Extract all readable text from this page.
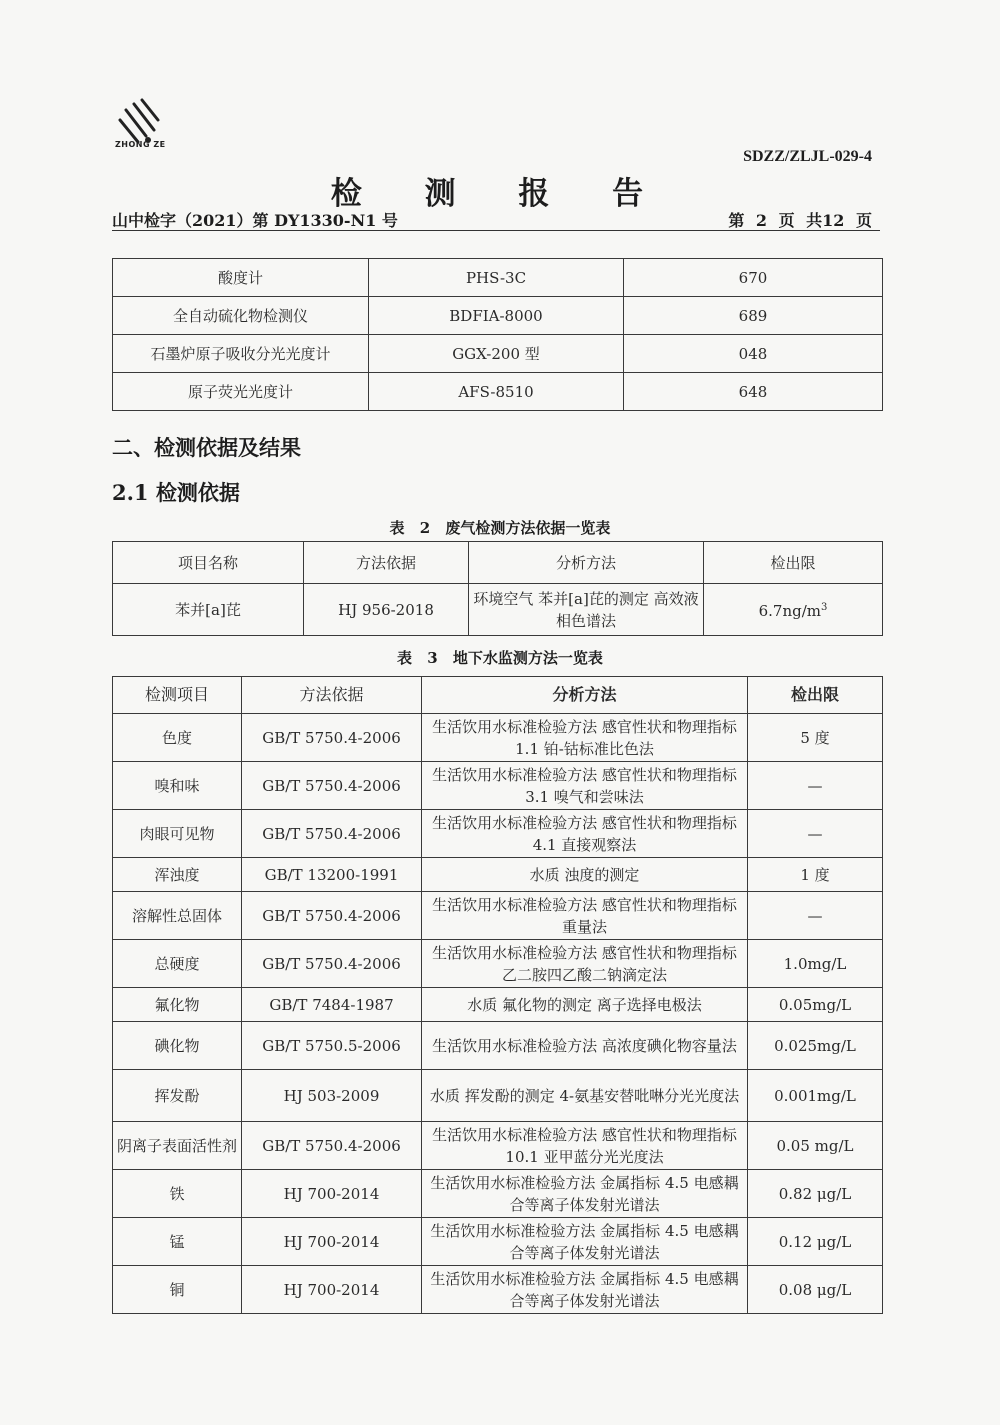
ZHONG ZE
SDZZ/ZLJL-029-4
检 测 报 告
山中检字（2021）第 DY1330-N1 号	第 2 页 共12 页
酸度计	PHS-3C	670
全自动硫化物检测仪	BDFIA-8000	689
石墨炉原子吸收分光光度计	GGX-200 型	048
原子荧光光度计	AFS-8510	648
二、检测依据及结果
2.1 检测依据
表 2 废气检测方法依据一览表
项目名称	方法依据	分析方法	检出限
苯并[a]芘	HJ 956-2018	环境空气 苯并[a]芘的测定 高效液相色谱法	$6.7ng/m^3$
表 3 地下水监测方法一览表
检测项目	方法依据	分析方法	检出限
色度	GB/T 5750.4-2006	生活饮用水标准检验方法 感官性状和物理指标 1.1 铂-钴标准比色法	5 度
嗅和味	GB/T 5750.4-2006	生活饮用水标准检验方法 感官性状和物理指标 3.1 嗅气和尝味法	—
肉眼可见物	GB/T 5750.4-2006	生活饮用水标准检验方法 感官性状和物理指标 4.1 直接观察法	—
浑浊度	GB/T 13200-1991	水质 浊度的测定	1 度
溶解性总固体	GB/T 5750.4-2006	生活饮用水标准检验方法 感官性状和物理指标 重量法	—
总硬度	GB/T 5750.4-2006	生活饮用水标准检验方法 感官性状和物理指标 乙二胺四乙酸二钠滴定法	1.0mg/L
氟化物	GB/T 7484-1987	水质 氟化物的测定 离子选择电极法	0.05mg/L
碘化物	GB/T 5750.5-2006	生活饮用水标准检验方法 高浓度碘化物容量法	0.025mg/L
挥发酚	HJ 503-2009	水质 挥发酚的测定 4-氨基安替吡啉分光光度法	0.001mg/L
阴离子表面活性剂	GB/T 5750.4-2006	生活饮用水标准检验方法 感官性状和物理指标 10.1 亚甲蓝分光光度法	0.05 mg/L
铁	HJ 700-2014	生活饮用水标准检验方法 金属指标 4.5 电感耦合等离子体发射光谱法	0.82 μg/L
锰	HJ 700-2014	生活饮用水标准检验方法 金属指标 4.5 电感耦合等离子体发射光谱法	0.12 μg/L
铜	HJ 700-2014	生活饮用水标准检验方法 金属指标 4.5 电感耦合等离子体发射光谱法	0.08 μg/L
